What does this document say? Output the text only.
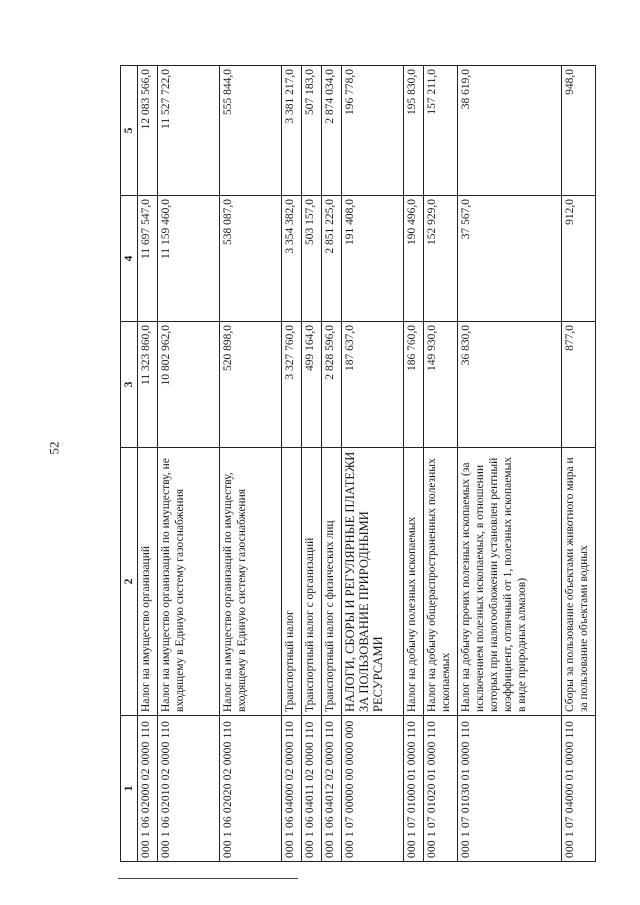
52
1	2	3	4	5
000 1 06 02000 02 0000 110	Налог на имущество организаций	11 323 860,0	11 697 547,0	12 083 566,0
000 1 06 02010 02 0000 110	Налог на имущество организаций по имуществу, не входящему в Единую систему газоснабжения	10 802 962,0	11 159 460,0	11 527 722,0
000 1 06 02020 02 0000 110	Налог на имущество организаций по имуществу, входящему в Единую систему газоснабжения	520 898,0	538 087,0	555 844,0
000 1 06 04000 02 0000 110	Транспортный налог	3 327 760,0	3 354 382,0	3 381 217,0
000 1 06 04011 02 0000 110	Транспортный налог с организаций	499 164,0	503 157,0	507 183,0
000 1 06 04012 02 0000 110	Транспортный налог с физических лиц	2 828 596,0	2 851 225,0	2 874 034,0
000 1 07 00000 00 0000 000	НАЛОГИ, СБОРЫ И РЕГУЛЯРНЫЕ ПЛАТЕЖИ ЗА ПОЛЬЗОВАНИЕ ПРИРОДНЫМИ РЕСУРСАМИ	187 637,0	191 408,0	196 778,0
000 1 07 01000 01 0000 110	Налог на добычу полезных ископаемых	186 760,0	190 496,0	195 830,0
000 1 07 01020 01 0000 110	Налог на добычу общераспространенных полезных ископаемых	149 930,0	152 929,0	157 211,0
000 1 07 01030 01 0000 110	Налог на добычу прочих полезных ископаемых (за исключением полезных ископаемых, в отношении которых при налогообложении установлен рентный коэффициент, отличный от 1, полезных ископаемых в виде природных алмазов)	36 830,0	37 567,0	38 619,0
000 1 07 04000 01 0000 110	Сборы за пользование объектами животного мира и за пользование объектами водных	877,0	912,0	948,0
